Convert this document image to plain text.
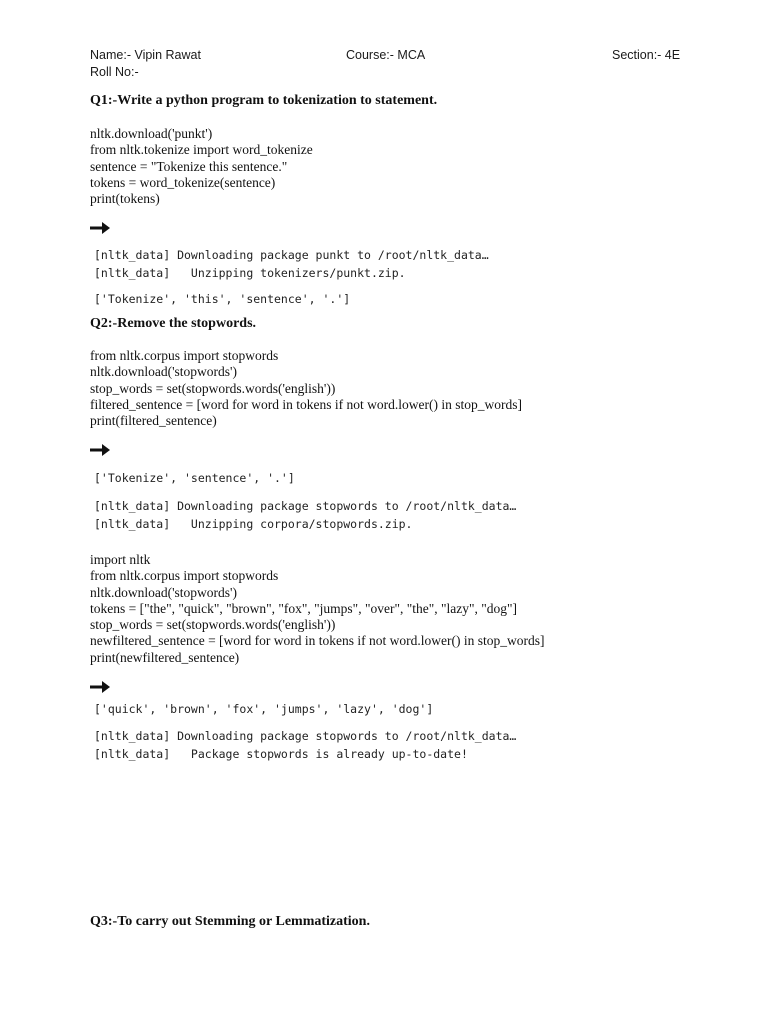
Name:- Vipin Rawat	Course:- MCA	Section:- 4E
Roll No:-
Q1:-Write a python program to tokenization to statement.
nltk.download('punkt')
from nltk.tokenize import word_tokenize
sentence = "Tokenize this sentence."
tokens = word_tokenize(sentence)
print(tokens)
[nltk_data] Downloading package punkt to /root/nltk_data…
[nltk_data]   Unzipping tokenizers/punkt.zip.
['Tokenize', 'this', 'sentence', '.']
Q2:-Remove the stopwords.
from nltk.corpus import stopwords
nltk.download('stopwords')
stop_words = set(stopwords.words('english'))
filtered_sentence = [word for word in tokens if not word.lower() in stop_words]
print(filtered_sentence)
['Tokenize', 'sentence', '.']
[nltk_data] Downloading package stopwords to /root/nltk_data…
[nltk_data]   Unzipping corpora/stopwords.zip.
import nltk
from nltk.corpus import stopwords
nltk.download('stopwords')
tokens = ["the", "quick", "brown", "fox", "jumps", "over", "the", "lazy", "dog"]
stop_words = set(stopwords.words('english'))
newfiltered_sentence = [word for word in tokens if not word.lower() in stop_words]
print(newfiltered_sentence)
['quick', 'brown', 'fox', 'jumps', 'lazy', 'dog']
[nltk_data] Downloading package stopwords to /root/nltk_data…
[nltk_data]   Package stopwords is already up-to-date!
Q3:-To carry out Stemming or Lemmatization.
